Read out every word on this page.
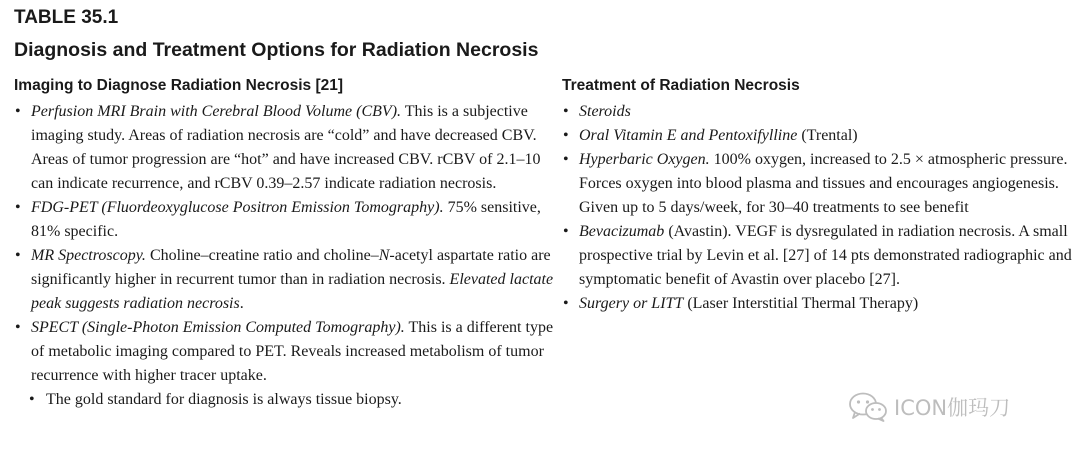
TABLE 35.1
Diagnosis and Treatment Options for Radiation Necrosis
Imaging to Diagnose Radiation Necrosis [21]
• Perfusion MRI Brain with Cerebral Blood Volume (CBV). This is a subjective imaging study. Areas of radiation necrosis are “cold” and have decreased CBV. Areas of tumor progression are “hot” and have increased CBV. rCBV of 2.1–10 can indicate recurrence, and rCBV 0.39–2.57 indicate radiation necrosis.
• FDG-PET (Fluordeoxyglucose Positron Emission Tomography). 75% sensitive, 81% specific.
• MR Spectroscopy. Choline–creatine ratio and choline–N-acetyl aspartate ratio are significantly higher in recurrent tumor than in radiation necrosis. Elevated lactate peak suggests radiation necrosis.
• SPECT (Single-Photon Emission Computed Tomography). This is a different type of metabolic imaging compared to PET. Reveals increased metabolism of tumor recurrence with higher tracer uptake.
• The gold standard for diagnosis is always tissue biopsy.
Treatment of Radiation Necrosis
• Steroids
• Oral Vitamin E and Pentoxifylline (Trental)
• Hyperbaric Oxygen. 100% oxygen, increased to 2.5 × atmospheric pressure. Forces oxygen into blood plasma and tissues and encourages angiogenesis. Given up to 5 days/week, for 30–40 treatments to see benefit
• Bevacizumab (Avastin). VEGF is dysregulated in radiation necrosis. A small prospective trial by Levin et al. [27] of 14 pts demonstrated radiographic and symptomatic benefit of Avastin over placebo [27].
• Surgery or LITT (Laser Interstitial Thermal Therapy)
ICON伽玛刀
